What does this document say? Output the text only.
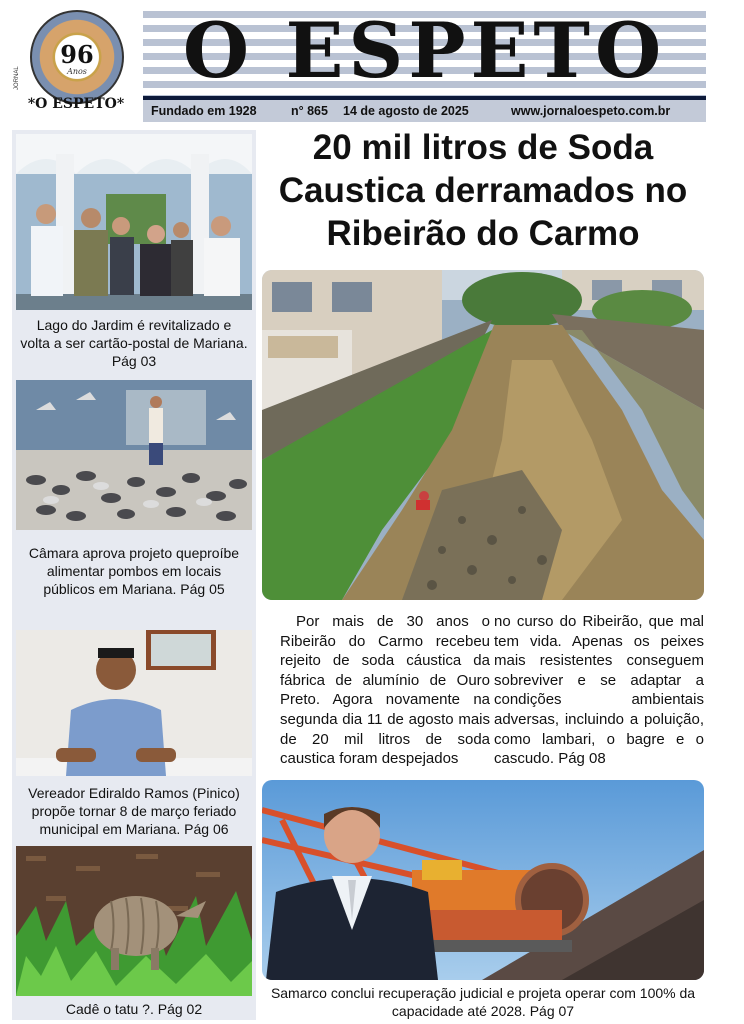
96
Anos
JORNAL
*O ESPETO*
O ESPETO
Fundado em 1928	n° 865 14 de agosto de 2025	www.jornaloespeto.com.br
Lago do Jardim é revitalizado e volta a ser cartão-postal de Mariana. Pág 03
Câmara aprova projeto queproíbe alimentar pombos em locais públicos em Mariana. Pág 05
Vereador Ediraldo Ramos (Pinico) propõe tornar 8 de março feriado municipal em Mariana. Pág 06
Cadê o tatu ?. Pág 02
20 mil litros de Soda Caustica derramados no Ribeirão do Carmo
Por mais de 30 anos o Ribeirão do Carmo recebeu rejeito de soda cáustica da fábrica de alumínio de Ouro Preto. Agora novamente na segunda dia 11 de agosto mais de 20 mil litros de soda caustica foram despejados
no curso do Ribeirão, que mal tem vida. Apenas os peixes mais resistentes conseguem sobreviver e se adaptar a condições ambientais adversas, incluindo a poluição, como lambari, o bagre e o cascudo. Pág 08
Samarco conclui recuperação judicial e projeta operar com 100% da capacidade até 2028. Pág 07
